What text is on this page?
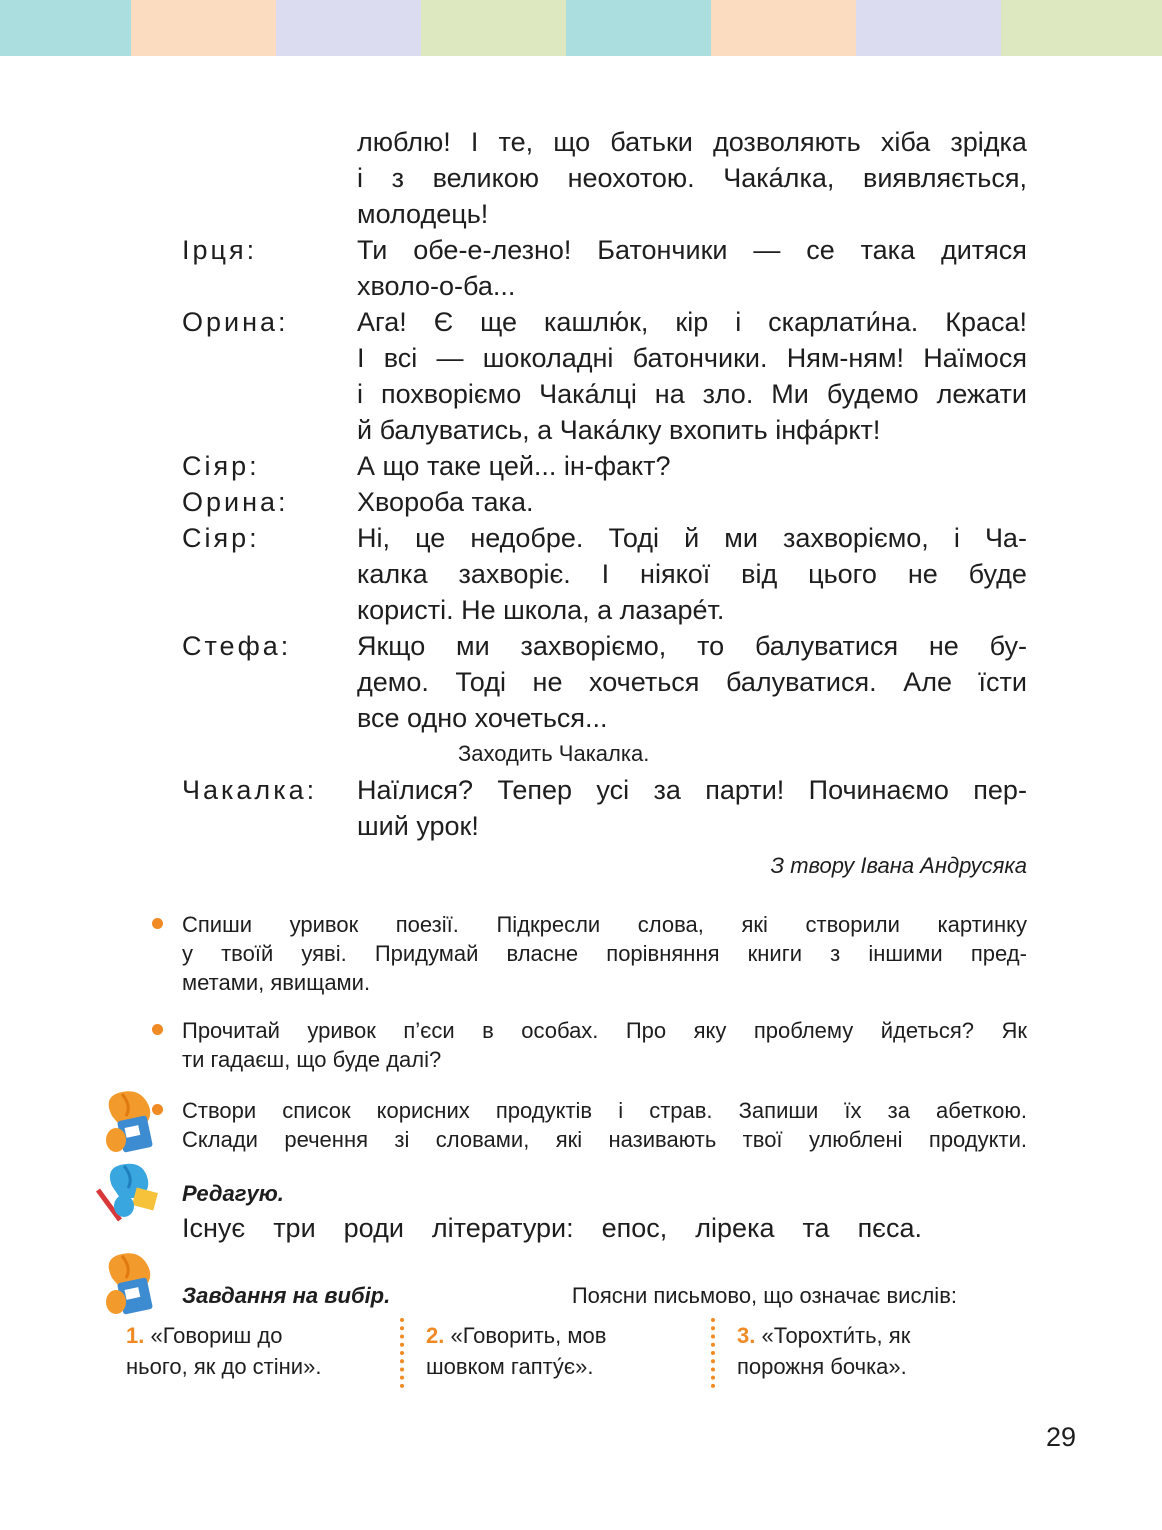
люблю! І те, що батьки дозволяють хіба зрідка
і з великою неохотою. Чака́лка, виявляється,
молодець!
Ірця:	Ти обе-е-лезно! Батончики — се така дитяся
хволо-о-ба...
Орина:	Ага! Є ще кашлю́к, кір і скарлати́на. Краса!
І всі — шоколадні батончики. Ням-ням! Наїмося
і похворіємо Чака́лці на зло. Ми будемо лежати
й балуватись, а Чака́лку вхопить інфа́ркт!
Сіяр:	А що таке цей... ін-факт?
Орина:	Хвороба така.
Сіяр:	Ні, це недобре. Тоді й ми захворіємо, і Ча-
калка захворіє. І ніякої від цього не буде
користі. Не школа, а лазаре́т.
Стефа: Якщо ми захворіємо, то балуватися не бу-
демо. Тоді не хочеться балуватися. Але їсти
все одно хочеться...
Заходить Чакалка.
Чакалка: Наїлися? Тепер усі за парти! Починаємо пер-
ший урок!
З твору Івана Андрусяка
Спиши уривок поезії. Підкресли слова, які створили картинку
у твоїй уяві. Придумай власне порівняння книги з іншими пред-
метами, явищами.
Прочитай уривок п’єси в особах. Про яку проблему йдеться? Як
ти гадаєш, що буде далі?
Створи список корисних продуктів і страв. Запиши їх за абеткою.
Склади речення зі словами, які називають твої улюблені продукти.
Редагую.
Існує три роди літератури: епос, лірека та пєса.
Завдання на вибір.	Поясни письмово, що означає вислів:
1. «Говориш до
нього, як до стіни».
2. «Говорить, мов
шовком гапту́є».
3. «Торохти́ть, як
порожня бочка».
29
